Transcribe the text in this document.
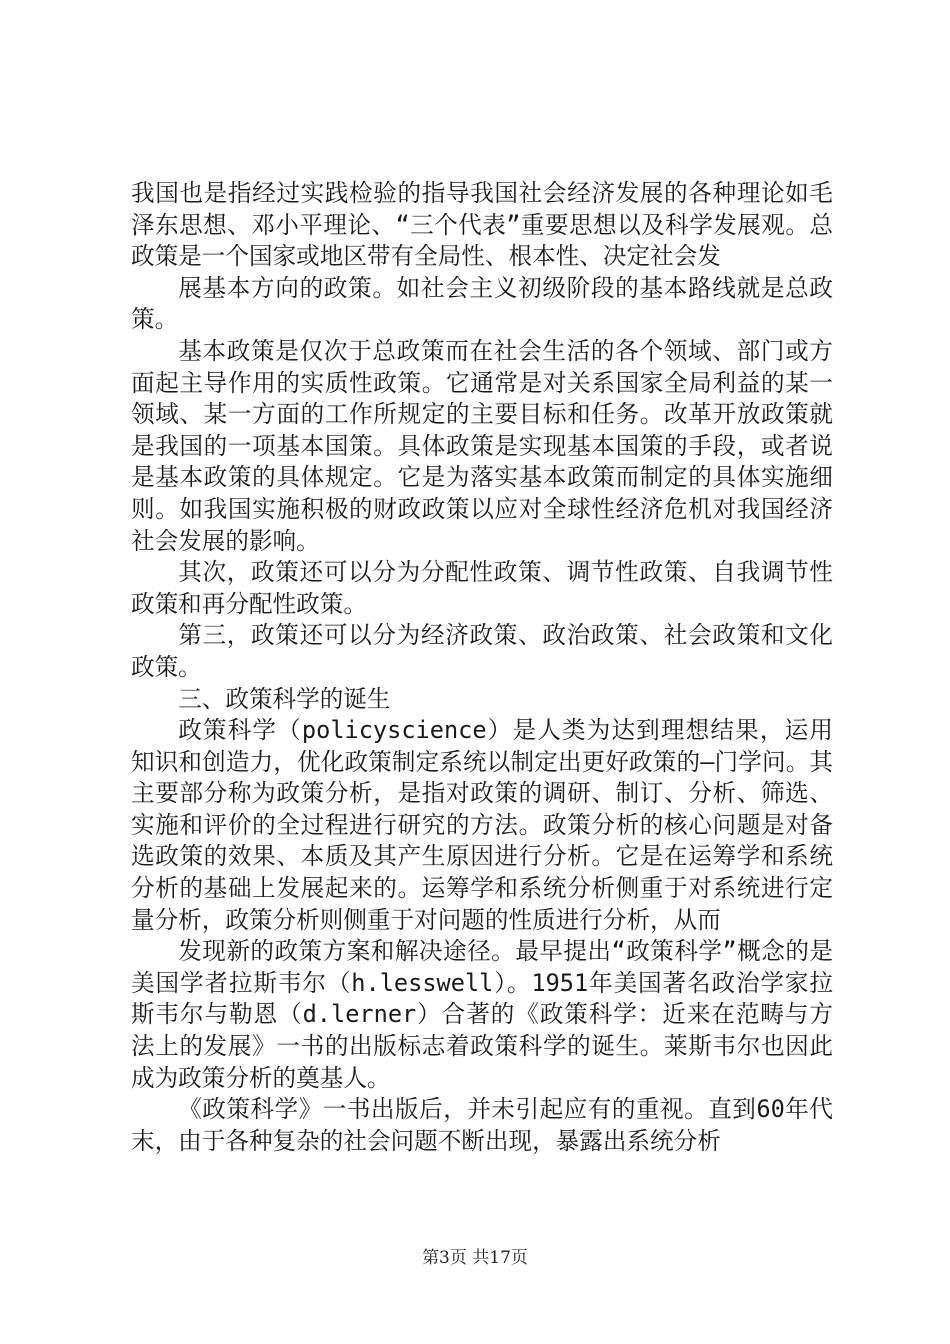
我国也是指经过实践检验的指导我国社会经济发展的各种理论如毛泽东思想、邓小平理论、“三个代表”重要思想以及科学发展观。总政策是一个国家或地区带有全局性、根本性、决定社会发

展基本方向的政策。如社会主义初级阶段的基本路线就是总政策。

基本政策是仅次于总政策而在社会生活的各个领域、部门或方面起主导作用的实质性政策。它通常是对关系国家全局利益的某一领域、某一方面的工作所规定的主要目标和任务。改革开放政策就是我国的一项基本国策。具体政策是实现基本国策的手段，或者说是基本政策的具体规定。它是为落实基本政策而制定的具体实施细则。如我国实施积极的财政政策以应对全球性经济危机对我国经济社会发展的影响。

其次，政策还可以分为分配性政策、调节性政策、自我调节性政策和再分配性政策。

第三，政策还可以分为经济政策、政治政策、社会政策和文化政策。

三、政策科学的诞生

政策科学（policyscience）是人类为达到理想结果，运用知识和创造力，优化政策制定系统以制定出更好政策的—门学问。其主要部分称为政策分析，是指对政策的调研、制订、分析、筛选、实施和评价的全过程进行研究的方法。政策分析的核心问题是对备选政策的效果、本质及其产生原因进行分析。它是在运筹学和系统分析的基础上发展起来的。运筹学和系统分析侧重于对系统进行定量分析，政策分析则侧重于对问题的性质进行分析，从而

发现新的政策方案和解决途径。最早提出“政策科学”概念的是美国学者拉斯韦尔（h.lesswell）。1951年美国著名政治学家拉斯韦尔与勒恩（d.lerner）合著的《政策科学：近来在范畴与方法上的发展》一书的出版标志着政策科学的诞生。莱斯韦尔也因此成为政策分析的奠基人。

《政策科学》一书出版后，并未引起应有的重视。直到60年代末，由于各种复杂的社会问题不断出现，暴露出系统分析

第3页 共17页
